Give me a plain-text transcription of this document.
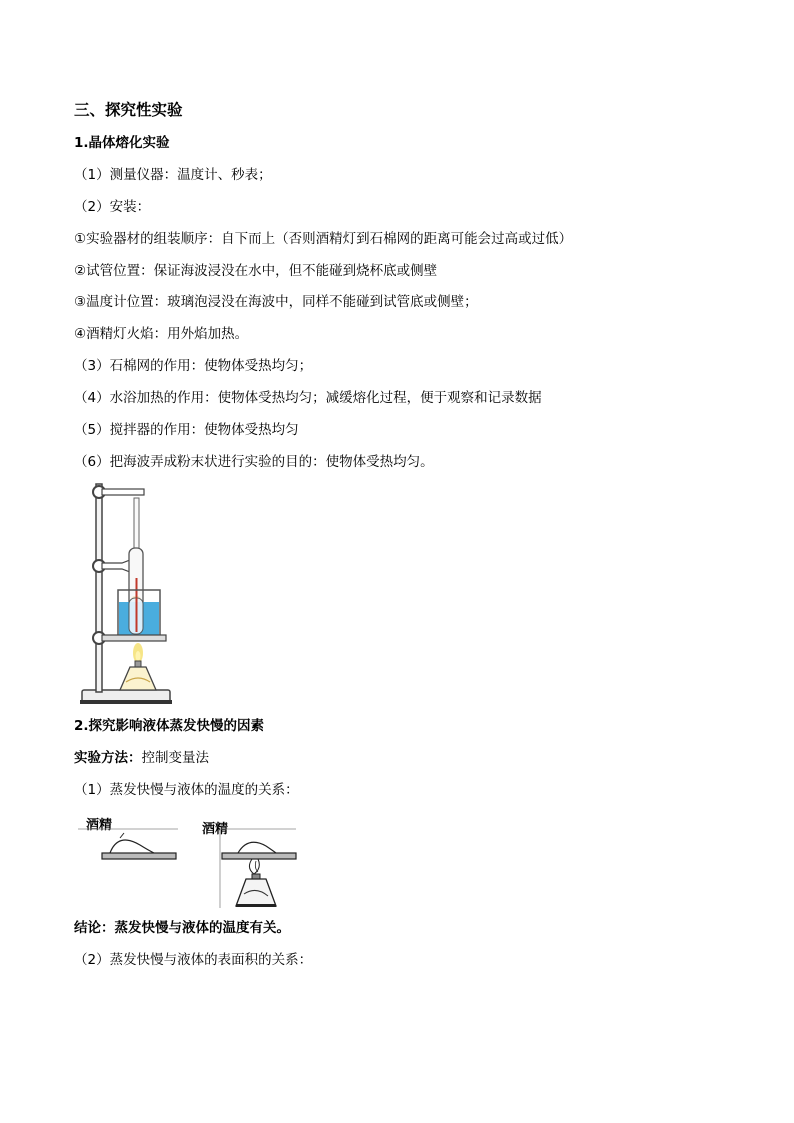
三、探究性实验
1.晶体熔化实验
（1）测量仪器：温度计、秒表；
（2）安装：
①实验器材的组装顺序：自下而上（否则酒精灯到石棉网的距离可能会过高或过低）
②试管位置：保证海波浸没在水中，但不能碰到烧杯底或侧壁
③温度计位置：玻璃泡浸没在海波中，同样不能碰到试管底或侧壁；
④酒精灯火焰：用外焰加热。
（3）石棉网的作用：使物体受热均匀；
（4）水浴加热的作用：使物体受热均匀；减缓熔化过程，便于观察和记录数据
（5）搅拌器的作用：使物体受热均匀
（6）把海波弄成粉末状进行实验的目的：使物体受热均匀。
2.探究影响液体蒸发快慢的因素
实验方法：控制变量法
（1）蒸发快慢与液体的温度的关系：
酒精	酒精
结论：蒸发快慢与液体的温度有关。
（2）蒸发快慢与液体的表面积的关系：
